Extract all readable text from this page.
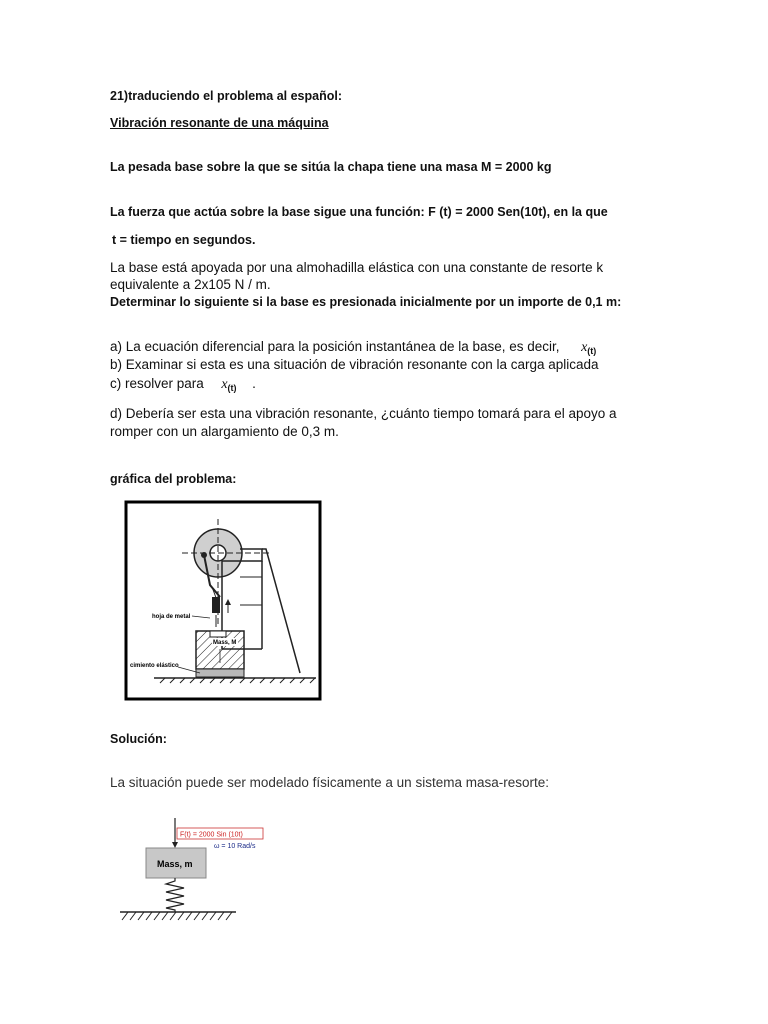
21)traduciendo el problema al español:
Vibración resonante de una máquina
La pesada base sobre la que se sitúa la chapa tiene una masa M = 2000 kg
La fuerza que actúa sobre la base sigue una función: F (t) = 2000 Sen(10t), en la que
t = tiempo en segundos.
La base está apoyada por una almohadilla elástica con una constante de resorte k
equivalente a 2x105 N / m.
Determinar lo siguiente si la base es presionada inicialmente por un importe de 0,1 m:
a) La ecuación diferencial para la posición instantánea de la base, es decir, $x_{(t)}$
b) Examinar si esta es una situación de vibración resonante con la carga aplicada
c) resolver para $x_{(t)}$ .
d) Debería ser esta una vibración resonante, ¿cuánto tiempo tomará para el apoyo a
romper con un alargamiento de 0,3 m.
gráfica del problema:
hoja de metal
Mass, M
cimiento elástico
Solución:
La situación puede ser modelado físicamente a un sistema masa-resorte:
F(t) = 2000 Sin (10t)
ω = 10 Rad/s
Mass, m
